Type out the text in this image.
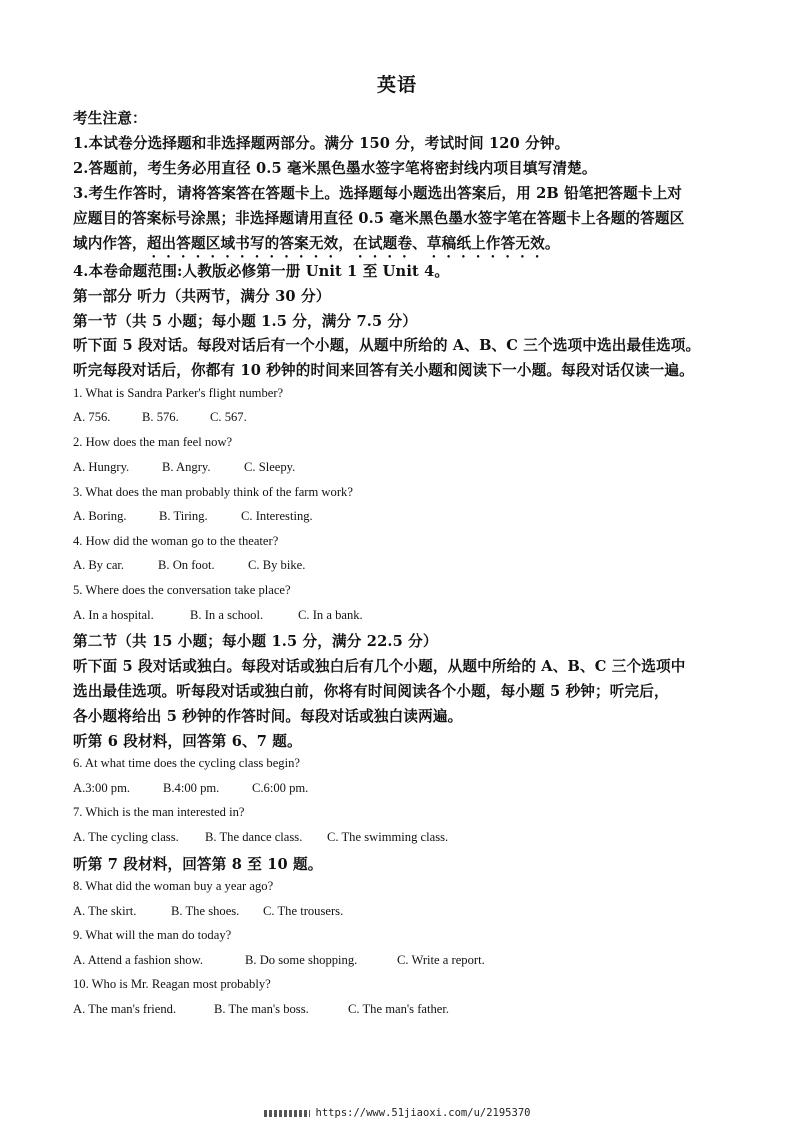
英语
考生注意：
1.本试卷分选择题和非选择题两部分。满分 150 分，考试时间 120 分钟。
2.答题前，考生务必用直径 0.5 毫米黑色墨水签字笔将密封线内项目填写清楚。
3.考生作答时，请将答案答在答题卡上。选择题每小题选出答案后，用 2B 铅笔把答题卡上对
应题目的答案标号涂黑；非选择题请用直径 0.5 毫米黑色墨水签字笔在答题卡上各题的答题区
域内作答，超出答题区域书写的答案无效，在试题卷、草稿纸上作答无效。
4.本卷命题范围:人教版必修第一册 Unit 1 至 Unit 4。
第一部分 听力（共两节，满分 30 分）
第一节（共 5 小题；每小题 1.5 分，满分 7.5 分）
听下面 5 段对话。每段对话后有一个小题，从题中所给的 A、B、C 三个选项中选出最佳选项。
听完每段对话后，你都有 10 秒钟的时间来回答有关小题和阅读下一小题。每段对话仅读一遍。
1. What is Sandra Parker's flight number?
A. 756.	B. 576. C. 567.
2. How does the man feel now?
A. Hungry.	B. Angry.	C. Sleepy.
3. What does the man probably think of the farm work?
A. Boring.	B. Tiring.	C. Interesting.
4. How did the woman go to the theater?
A. By car.	B. On foot.	C. By bike.
5. Where does the conversation take place?
A. In a hospital.	B. In a school.	C. In a bank.
第二节（共 15 小题；每小题 1.5 分，满分 22.5 分）
听下面 5 段对话或独白。每段对话或独白后有几个小题，从题中所给的 A、B、C 三个选项中
选出最佳选项。听每段对话或独白前，你将有时间阅读各个小题，每小题 5 秒钟；听完后，
各小题将给出 5 秒钟的作答时间。每段对话或独白读两遍。
听第 6 段材料，回答第 6、7 题。
6. At what time does the cycling class begin?
A.3:00 pm.	B.4:00 pm.	C.6:00 pm.
7. Which is the man interested in?
A. The cycling class. B. The dance class. C. The swimming class.
听第 7 段材料，回答第 8 至 10 题。
8. What did the woman buy a year ago?
A. The skirt.	B. The shoes. C. The trousers.
9. What will the man do today?
A. Attend a fashion show.	B. Do some shopping.	C. Write a report.
10. Who is Mr. Reagan most probably?
A. The man's friend.	B. The man's boss.	C. The man's father.
https://www.51jiaoxi.com/u/2195370
